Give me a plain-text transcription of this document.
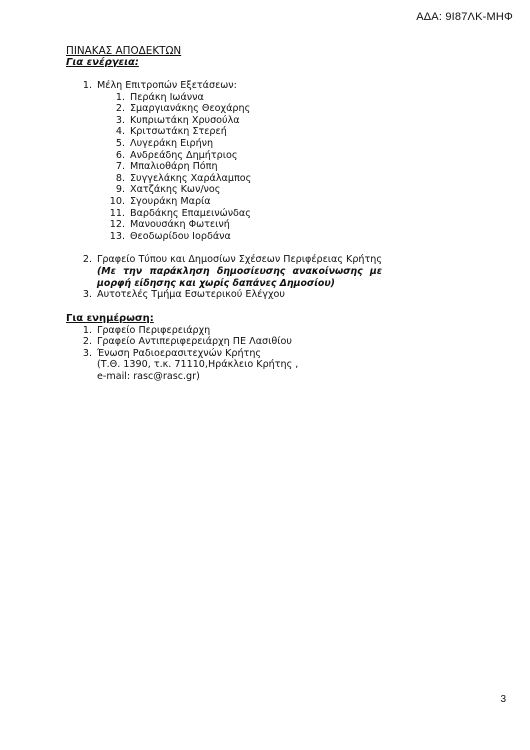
ΑΔΑ: 9Ι87ΛΚ-ΜΗΦ
ΠΙΝΑΚΑΣ ΑΠΟΔΕΚΤΩΝ
Για ενέργεια:
1. Μέλη Επιτροπών Εξετάσεων:
1. Περάκη Ιωάννα
2. Σμαργιανάκης Θεοχάρης
3. Κυπριωτάκη Χρυσούλα
4. Κριτσωτάκη Στερεή
5. Λυγεράκη Ειρήνη
6. Ανδρεάδης Δημήτριος
7. Μπαλιοθάρη Πόπη
8. Συγγελάκης Χαράλαμπος
9. Χατζάκης Κων/νος
10. Σγουράκη Μαρία
11. Βαρδάκης Επαμεινώνδας
12. Μανουσάκη Φωτεινή
13. Θεοδωρίδου Ιορδάνα
2. Γραφείο Τύπου και Δημοσίων Σχέσεων Περιφέρειας Κρήτης
(Με την παράκληση δημοσίευσης ανακοίνωσης με μορφή είδησης και χωρίς δαπάνες Δημοσίου)
3. Αυτοτελές Τμήμα Εσωτερικού Ελέγχου
Για ενημέρωση:
1. Γραφείο Περιφερειάρχη
2. Γραφείο Αντιπεριφερειάρχη ΠΕ Λασιθίου
3. Ένωση Ραδιοερασιτεχνών Κρήτης
(Τ.Θ. 1390, τ.κ. 71110,Ηράκλειο Κρήτης ,
e-mail: rasc@rasc.gr)
3
